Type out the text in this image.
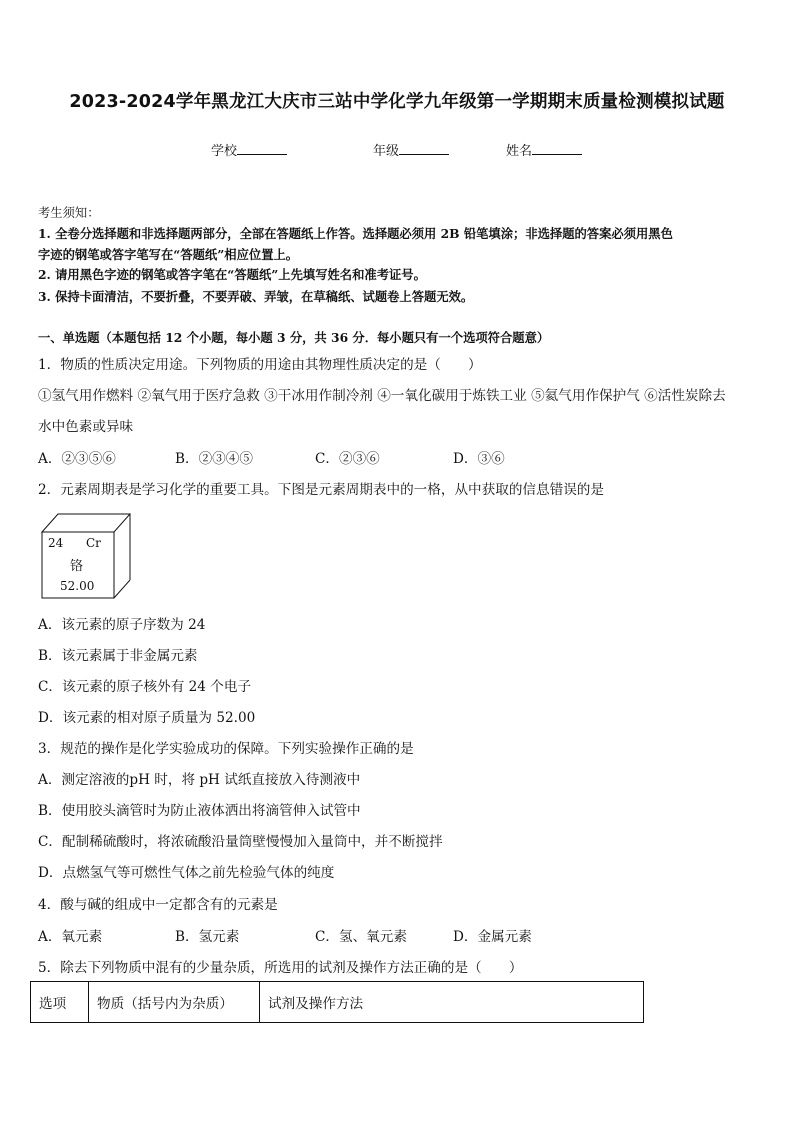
2023-2024学年黑龙江大庆市三站中学化学九年级第一学期期末质量检测模拟试题
学校	年级	姓名
考生须知：
1. 全卷分选择题和非选择题两部分，全部在答题纸上作答。选择题必须用 2B 铅笔填涂；非选择题的答案必须用黑色
字迹的钢笔或答字笔写在“答题纸”相应位置上。
2. 请用黑色字迹的钢笔或答字笔在“答题纸”上先填写姓名和准考证号。
3. 保持卡面清洁，不要折叠，不要弄破、弄皱，在草稿纸、试题卷上答题无效。
一、单选题（本题包括 12 个小题，每小题 3 分，共 36 分．每小题只有一个选项符合题意）
1．物质的性质决定用途。下列物质的用途由其物理性质决定的是（　　）
①氢气用作燃料 ②氧气用于医疗急救 ③干冰用作制冷剂 ④一氧化碳用于炼铁工业 ⑤氦气用作保护气 ⑥活性炭除去
水中色素或异味
A．②③⑤⑥	B．②③④⑤	C．②③⑥	D．③⑥
2．元素周期表是学习化学的重要工具。下图是元素周期表中的一格，从中获取的信息错误的是
24 Cr
铬
52.00
A．该元素的原子序数为 24
B．该元素属于非金属元素
C．该元素的原子核外有 24 个电子
D．该元素的相对原子质量为 52.00
3．规范的操作是化学实验成功的保障。下列实验操作正确的是
A．测定溶液的pH 时，将 pH 试纸直接放入待测液中
B．使用胶头滴管时为防止液体洒出将滴管伸入试管中
C．配制稀硫酸时，将浓硫酸沿量筒壁慢慢加入量筒中，并不断搅拌
D．点燃氢气等可燃性气体之前先检验气体的纯度
4．酸与碱的组成中一定都含有的元素是
A．氧元素	B．氢元素	C．氢、氧元素	D．金属元素
5．除去下列物质中混有的少量杂质，所选用的试剂及操作方法正确的是（　　）
选项	物质（括号内为杂质）	试剂及操作方法
